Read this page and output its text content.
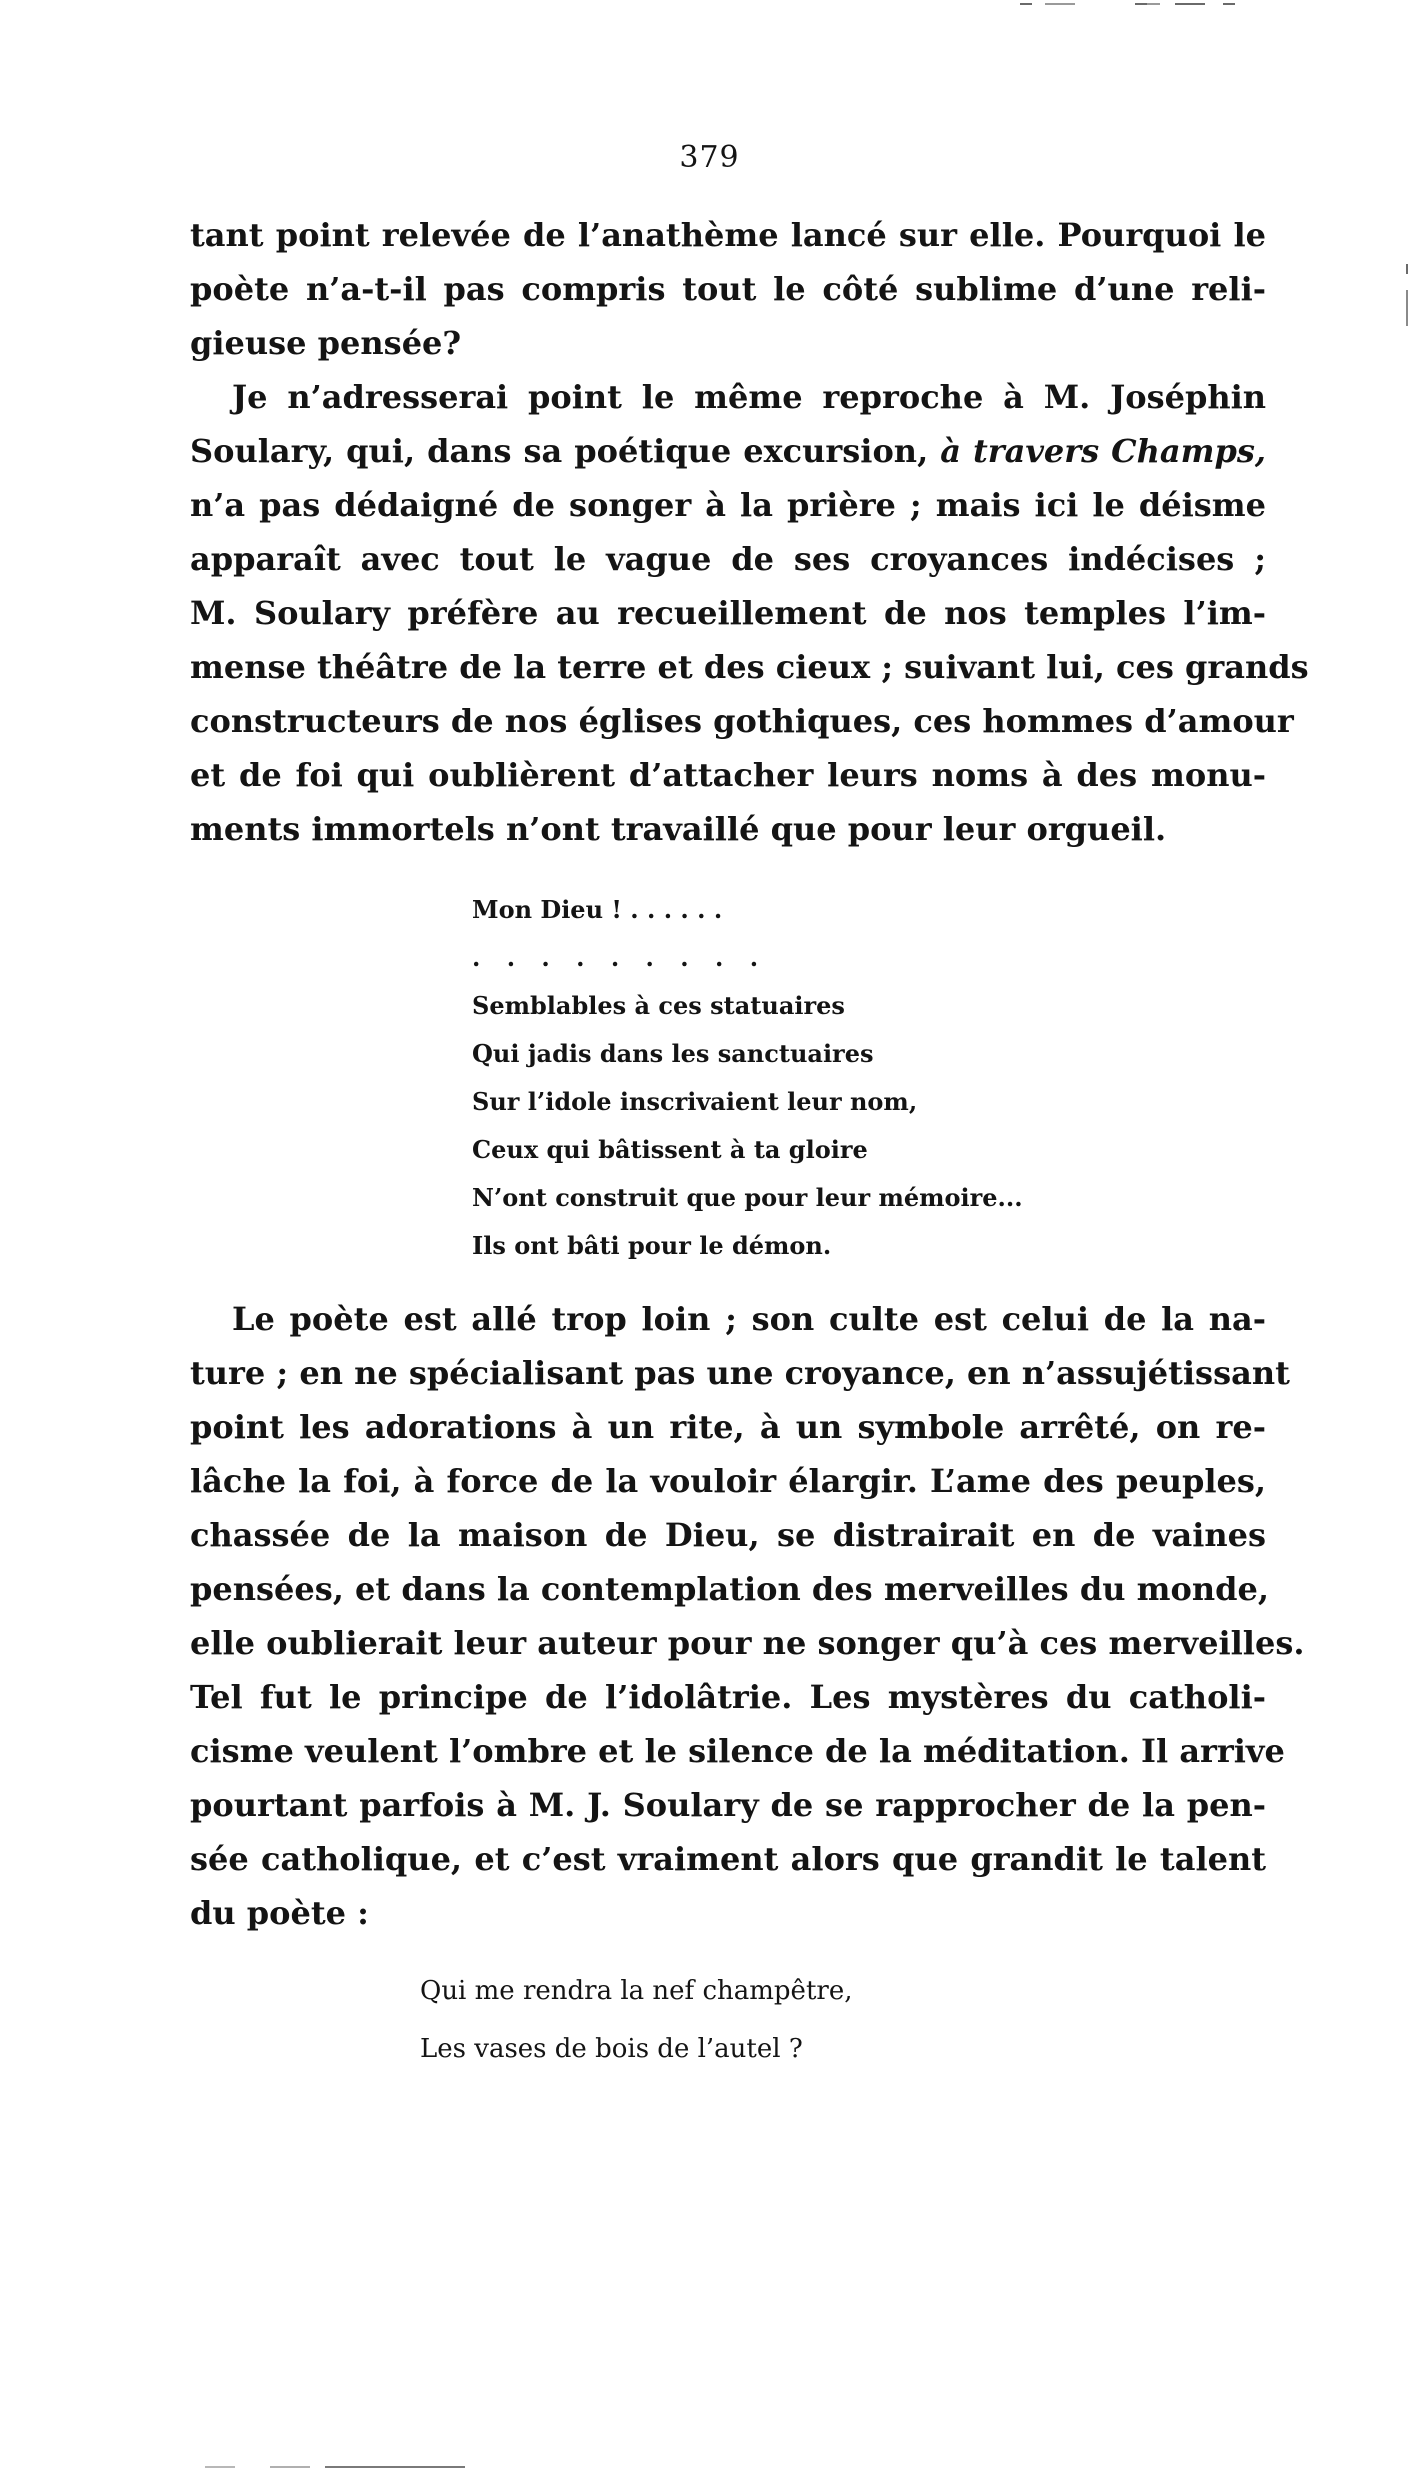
379
tant point relevée de l’anathème lancé sur elle. Pourquoi le
poète n’a-t-il pas compris tout le côté sublime d’une reli-
gieuse pensée?
Je n’adresserai point le même reproche à M. Joséphin
Soulary, qui, dans sa poétique excursion, à travers Champs,
n’a pas dédaigné de songer à la prière ; mais ici le déisme
apparaît avec tout le vague de ses croyances indécises ;
M. Soulary préfère au recueillement de nos temples l’im-
mense théâtre de la terre et des cieux ; suivant lui, ces grands
constructeurs de nos églises gothiques, ces hommes d’amour
et de foi qui oublièrent d’attacher leurs noms à des monu-
ments immortels n’ont travaillé que pour leur orgueil.
Mon Dieu ! . . . . . .
. . . . . . . . .
Semblables à ces statuaires
Qui jadis dans les sanctuaires
Sur l’idole inscrivaient leur nom,
Ceux qui bâtissent à ta gloire
N’ont construit que pour leur mémoire...
Ils ont bâti pour le démon.
Le poète est allé trop loin ; son culte est celui de la na-
ture ; en ne spécialisant pas une croyance, en n’assujétissant
point les adorations à un rite, à un symbole arrêté, on re-
lâche la foi, à force de la vouloir élargir. L’ame des peuples,
chassée de la maison de Dieu, se distrairait en de vaines
pensées, et dans la contemplation des merveilles du monde,
elle oublierait leur auteur pour ne songer qu’à ces merveilles.
Tel fut le principe de l’idolâtrie. Les mystères du catholi-
cisme veulent l’ombre et le silence de la méditation. Il arrive
pourtant parfois à M. J. Soulary de se rapprocher de la pen-
sée catholique, et c’est vraiment alors que grandit le talent
du poète :
Qui me rendra la nef champêtre,
Les vases de bois de l’autel ?
